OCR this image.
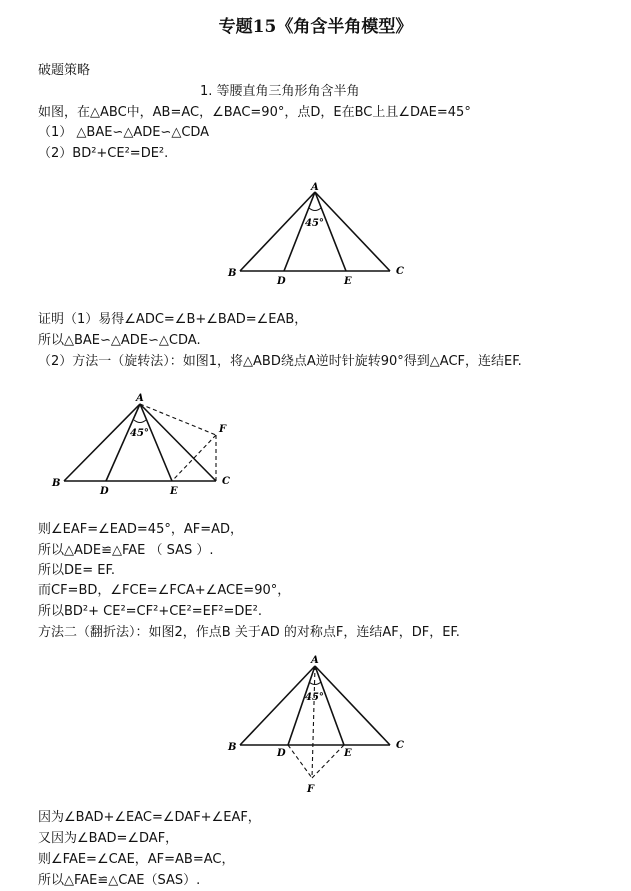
专题15《角含半角模型》
破题策略
1. 等腰直角三角形角含半角
如图，在△ABC中，AB=AC，∠BAC=90°，点D，E在BC上且∠DAE=45°
（1） △BAE∽△ADE∽△CDA
（2）BD²+CE²=DE².
A
B	C
D	E
45°
证明（1）易得∠ADC=∠B+∠BAD=∠EAB，
所以△BAE∽△ADE∽△CDA.
（2）方法一（旋转法）：如图1，将△ABD绕点A逆时针旋转90°得到△ACF，连结EF.
A
B	C
D	E
F
45°
则∠EAF=∠EAD=45°，AF=AD，
所以△ADE≌△FAE （ SAS ）.
所以DE= EF.
而CF=BD，∠FCE=∠FCA+∠ACE=90°，
所以BD²+ CE²=CF²+CE²=EF²=DE².
方法二（翻折法）：如图2，作点B 关于AD 的对称点F，连结AF，DF，EF.
A
B	C
D	E
F
45°
因为∠BAD+∠EAC=∠DAF+∠EAF，
又因为∠BAD=∠DAF，
则∠FAE=∠CAE，AF=AB=AC，
所以△FAE≌△CAE（SAS）.
